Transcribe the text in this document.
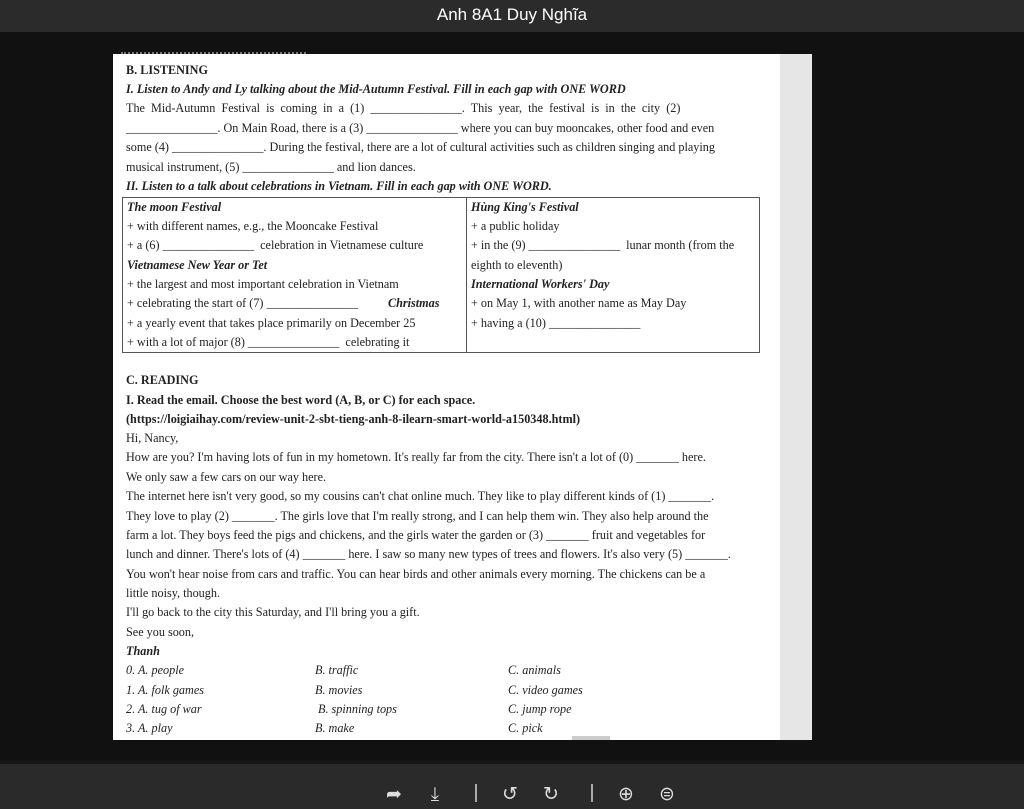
Anh 8A1 Duy Nghĩa
B. LISTENING
I. Listen to Andy and Ly talking about the Mid-Autumn Festival. Fill in each gap with ONE WORD
The  Mid-Autumn  Festival  is  coming  in  a  (1)  _______________.  This  year,  the  festival  is  in  the  city  (2)
_______________. On Main Road, there is a (3) _______________ where you can buy mooncakes, other food and even
some (4) _______________. During the festival, there are a lot of cultural activities such as children singing and playing
musical instrument, (5) _______________ and lion dances.
II. Listen to a talk about celebrations in Vietnam. Fill in each gap with ONE WORD.
The moon Festival
+ with different names, e.g., the Mooncake Festival
+ a (6) _______________  celebration in Vietnamese culture
Vietnamese New Year or Tet
+ the largest and most important celebration in Vietnam
+ celebrating the start of (7) _______________ Christmas
+ a yearly event that takes place primarily on December 25
+ with a lot of major (8) _______________  celebrating it
Hùng King's Festival
+ a public holiday
+ in the (9) _______________  lunar month (from the
eighth to eleventh)
International Workers' Day
+ on May 1, with another name as May Day
+ having a (10) _______________
C. READING
I. Read the email. Choose the best word (A, B, or C) for each space.
(https://loigiaihay.com/review-unit-2-sbt-tieng-anh-8-ilearn-smart-world-a150348.html)
Hi, Nancy,
How are you? I'm having lots of fun in my hometown. It's really far from the city. There isn't a lot of (0) _______ here.
We only saw a few cars on our way here.
The internet here isn't very good, so my cousins can't chat online much. They like to play different kinds of (1) _______.
They love to play (2) _______. The girls love that I'm really strong, and I can help them win. They also help around the
farm a lot. They boys feed the pigs and chickens, and the girls water the garden or (3) _______ fruit and vegetables for
lunch and dinner. There's lots of (4) _______ here. I saw so many new types of trees and flowers. It's also very (5) _______.
You won't hear noise from cars and traffic. You can hear birds and other animals every morning. The chickens can be a
little noisy, though.
I'll go back to the city this Saturday, and I'll bring you a gift.
See you soon,
Thanh
0. A. people	B. traffic	C. animals
1. A. folk games	B. movies	C. video games
2. A. tug of war	B. spinning tops	C. jump rope
3. A. play	B. make	C. pick
➦	⤓	↺ ↻	⊕ ⊜
